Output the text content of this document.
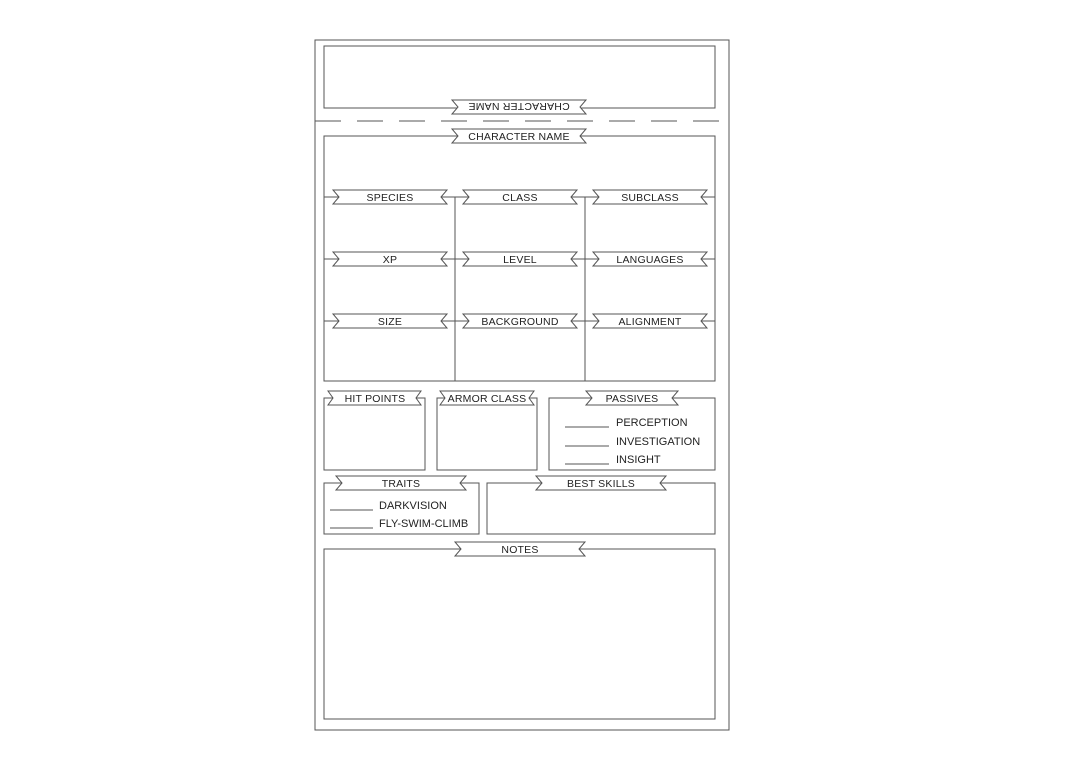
CHARACTER NAME
CHARACTER NAME
SPECIES	CLASS	SUBCLASS
XP	LEVEL	LANGUAGES
SIZE	BACKGROUND	ALIGNMENT
HIT POINTS	ARMOR CLASS	PASSIVES
PERCEPTION
INVESTIGATION
INSIGHT
TRAITS
DARKVISION
FLY-SWIM-CLIMB
BEST SKILLS
NOTES
